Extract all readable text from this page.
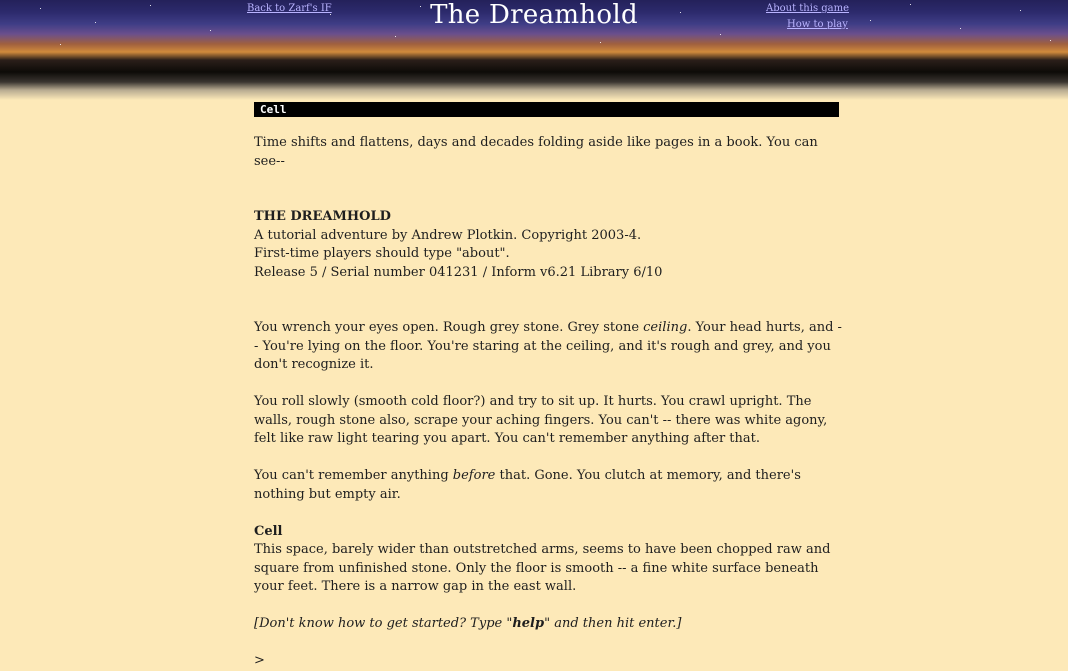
Back to Zarf's IF	The Dreamhold	About this game
How to play
Cell

Time shifts and flattens, days and decades folding aside like pages in a book. You can see--

THE DREAMHOLD

A tutorial adventure by Andrew Plotkin. Copyright 2003-4.

First-time players should type "about".

Release 5 / Serial number 041231 / Inform v6.21 Library 6/10

You wrench your eyes open. Rough grey stone. Grey stone ceiling. Your head hurts, and -- You're lying on the floor. You're staring at the ceiling, and it's rough and grey, and you don't recognize it.

You roll slowly (smooth cold floor?) and try to sit up. It hurts. You crawl upright. The walls, rough stone also, scrape your aching fingers. You can't -- there was white agony, felt like raw light tearing you apart. You can't remember anything after that.

You can't remember anything before that. Gone. You clutch at memory, and there's nothing but empty air.

Cell

This space, barely wider than outstretched arms, seems to have been chopped raw and square from unfinished stone. Only the floor is smooth -- a fine white surface beneath your feet. There is a narrow gap in the east wall.

[Don't know how to get started? Type "help" and then hit enter.]

>
